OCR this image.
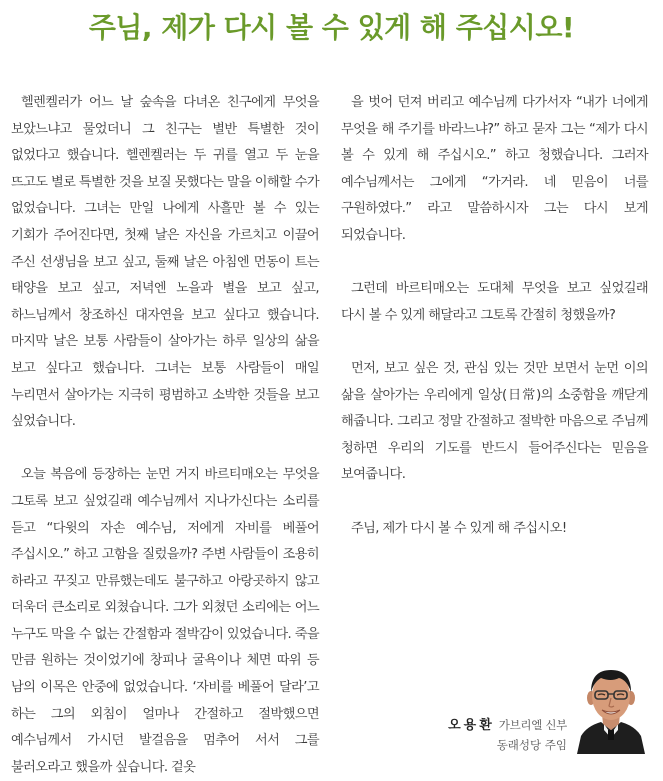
주님, 제가 다시 볼 수 있게 해 주십시오!

헬렌켈러가 어느 날 숲속을 다녀온 친구에게 무엇을 보았느냐고 물었더니 그 친구는 별반 특별한 것이 없었다고 했습니다. 헬렌켈러는 두 귀를 열고 두 눈을 뜨고도 별로 특별한 것을 보질 못했다는 말을 이해할 수가 없었습니다. 그녀는 만일 나에게 사흘만 볼 수 있는 기회가 주어진다면, 첫째 날은 자신을 가르치고 이끌어 주신 선생님을 보고 싶고, 둘째 날은 아침엔 먼동이 트는 태양을 보고 싶고, 저녁엔 노을과 별을 보고 싶고, 하느님께서 창조하신 대자연을 보고 싶다고 했습니다. 마지막 날은 보통 사람들이 살아가는 하루 일상의 삶을 보고 싶다고 했습니다. 그녀는 보통 사람들이 매일 누리면서 살아가는 지극히 평범하고 소박한 것들을 보고 싶었습니다.

오늘 복음에 등장하는 눈먼 거지 바르티매오는 무엇을 그토록 보고 싶었길래 예수님께서 지나가신다는 소리를 듣고 “다윗의 자손 예수님, 저에게 자비를 베풀어 주십시오.” 하고 고함을 질렀을까? 주변 사람들이 조용히 하라고 꾸짖고 만류했는데도 불구하고 아랑곳하지 않고 더욱더 큰소리로 외쳤습니다. 그가 외쳤던 소리에는 어느 누구도 막을 수 없는 간절함과 절박감이 있었습니다. 죽을 만큼 원하는 것이었기에 창피나 굴욕이나 체면 따위 등 남의 이목은 안중에 없었습니다. ‘자비를 베풀어 달라’고 하는 그의 외침이 얼마나 간절하고 절박했으면 예수님께서 가시던 발걸음을 멈추어 서서 그를 불러오라고 했을까 싶습니다. 겉옷

을 벗어 던져 버리고 예수님께 다가서자 “내가 너에게 무엇을 해 주기를 바라느냐?” 하고 묻자 그는 “제가 다시 볼 수 있게 해 주십시오.” 하고 청했습니다. 그러자 예수님께서는 그에게 “가거라. 네 믿음이 너를 구원하였다.” 라고 말씀하시자 그는 다시 보게 되었습니다.

그런데 바르티매오는 도대체 무엇을 보고 싶었길래 다시 볼 수 있게 해달라고 그토록 간절히 청했을까?

먼저, 보고 싶은 것, 관심 있는 것만 보면서 눈먼 이의 삶을 살아가는 우리에게 일상(日常)의 소중함을 깨닫게 해줍니다. 그리고 정말 간절하고 절박한 마음으로 주님께 청하면 우리의 기도를 반드시 들어주신다는 믿음을 보여줍니다.

주님, 제가 다시 볼 수 있게 해 주십시오!

오용환 가브리엘 신부
동래성당 주임
